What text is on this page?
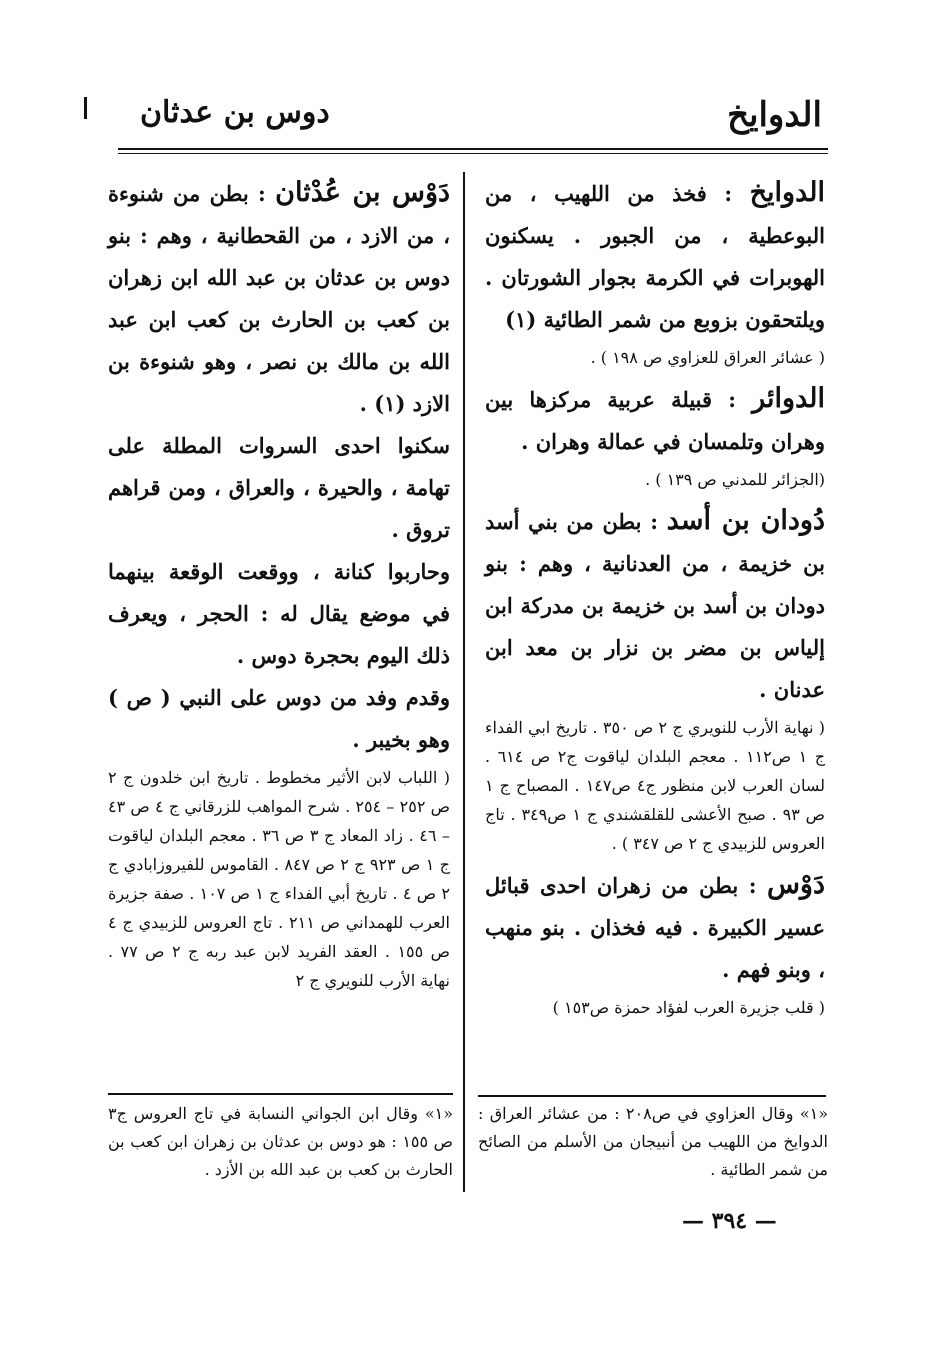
الدوايخ
دوس بن عدثان

الدوايخ : فخذ من اللهيب ، من البوعطية ، من الجبور . يسكنون الهوبرات في الكرمة بجوار الشورتان . ويلتحقون بزوبع من شمر الطائية (١)

( عشائر العراق للعزاوي ص ١٩٨ ) .

الدوائر : قبيلة عربية مركزها بين وهران وتلمسان في عمالة وهران .

(الجزائر للمدني ص ١٣٩ ) .

دُودان بن أسد : بطن من بني أسد بن خزيمة ، من العدنانية ، وهم : بنو دودان بن أسد بن خزيمة بن مدركة ابن إلياس بن مضر بن نزار بن معد ابن عدنان .

( نهاية الأرب للنويري ج ٢ ص ٣٥٠ . تاريخ ابي الفداء ج ١ ص١١٢ . معجم البلدان لياقوت ج٢ ص ٦١٤ . لسان العرب لابن منظور ج٤ ص١٤٧ . المصباح ج ١ ص ٩٣ . صبح الأعشى للقلقشندي ج ١ ص٣٤٩ . تاج العروس للزبيدي ج ٢ ص ٣٤٧ ) .

دَوْس : بطن من زهران احدى قبائل عسير الكبيرة . فيه فخذان . بنو منهب ، وبنو فهم .

( قلب جزيرة العرب لفؤاد حمزة ص١٥٣ )

دَوْس بن عُدْثان : بطن من شنوءة ، من الازد ، من القحطانية ، وهم : بنو دوس بن عدثان بن عبد الله ابن زهران بن كعب بن الحارث بن كعب ابن عبد الله بن مالك بن نصر ، وهو شنوءة بن الازد (١) .

سكنوا احدى السروات المطلة على تهامة ، والحيرة ، والعراق ، ومن قراهم تروق .

وحاربوا كنانة ، ووقعت الوقعة بينهما في موضع يقال له : الحجر ، ويعرف ذلك اليوم بحجرة دوس .

وقدم وفد من دوس على النبي ( ص ) وهو بخيبر .

( اللباب لابن الأثير مخطوط . تاريخ ابن خلدون ج ٢ ص ٢٥٢ – ٢٥٤ . شرح المواهب للزرقاني ج ٤ ص ٤٣ – ٤٦ . زاد المعاد ج ٣ ص ٣٦ . معجم البلدان لياقوت ج ١ ص ٩٢٣ ج ٢ ص ٨٤٧ . القاموس للفيروزابادي ج ٢ ص ٤ . تاريخ أبي الفداء ج ١ ص ١٠٧ . صفة جزيرة العرب للهمداني ص ٢١١ . تاج العروس للزبيدي ج ٤ ص ١٥٥ . العقد الفريد لابن عبد ربه ج ٢ ص ٧٧ . نهاية الأرب للنويري ج ٢

«١» وقال العزاوي في ص٢٠٨ : من عشائر العراق : الدوايخ من اللهيب من أنبيجان من الأسلم من الصائح من شمر الطائية .
«١» وقال ابن الجواني النسابة في تاج العروس ج٣ ص ١٥٥ : هو دوس بن عدثان بن زهران ابن كعب بن الحارث بن كعب بن عبد الله بن الأزد .
— ٣٩٤ —
